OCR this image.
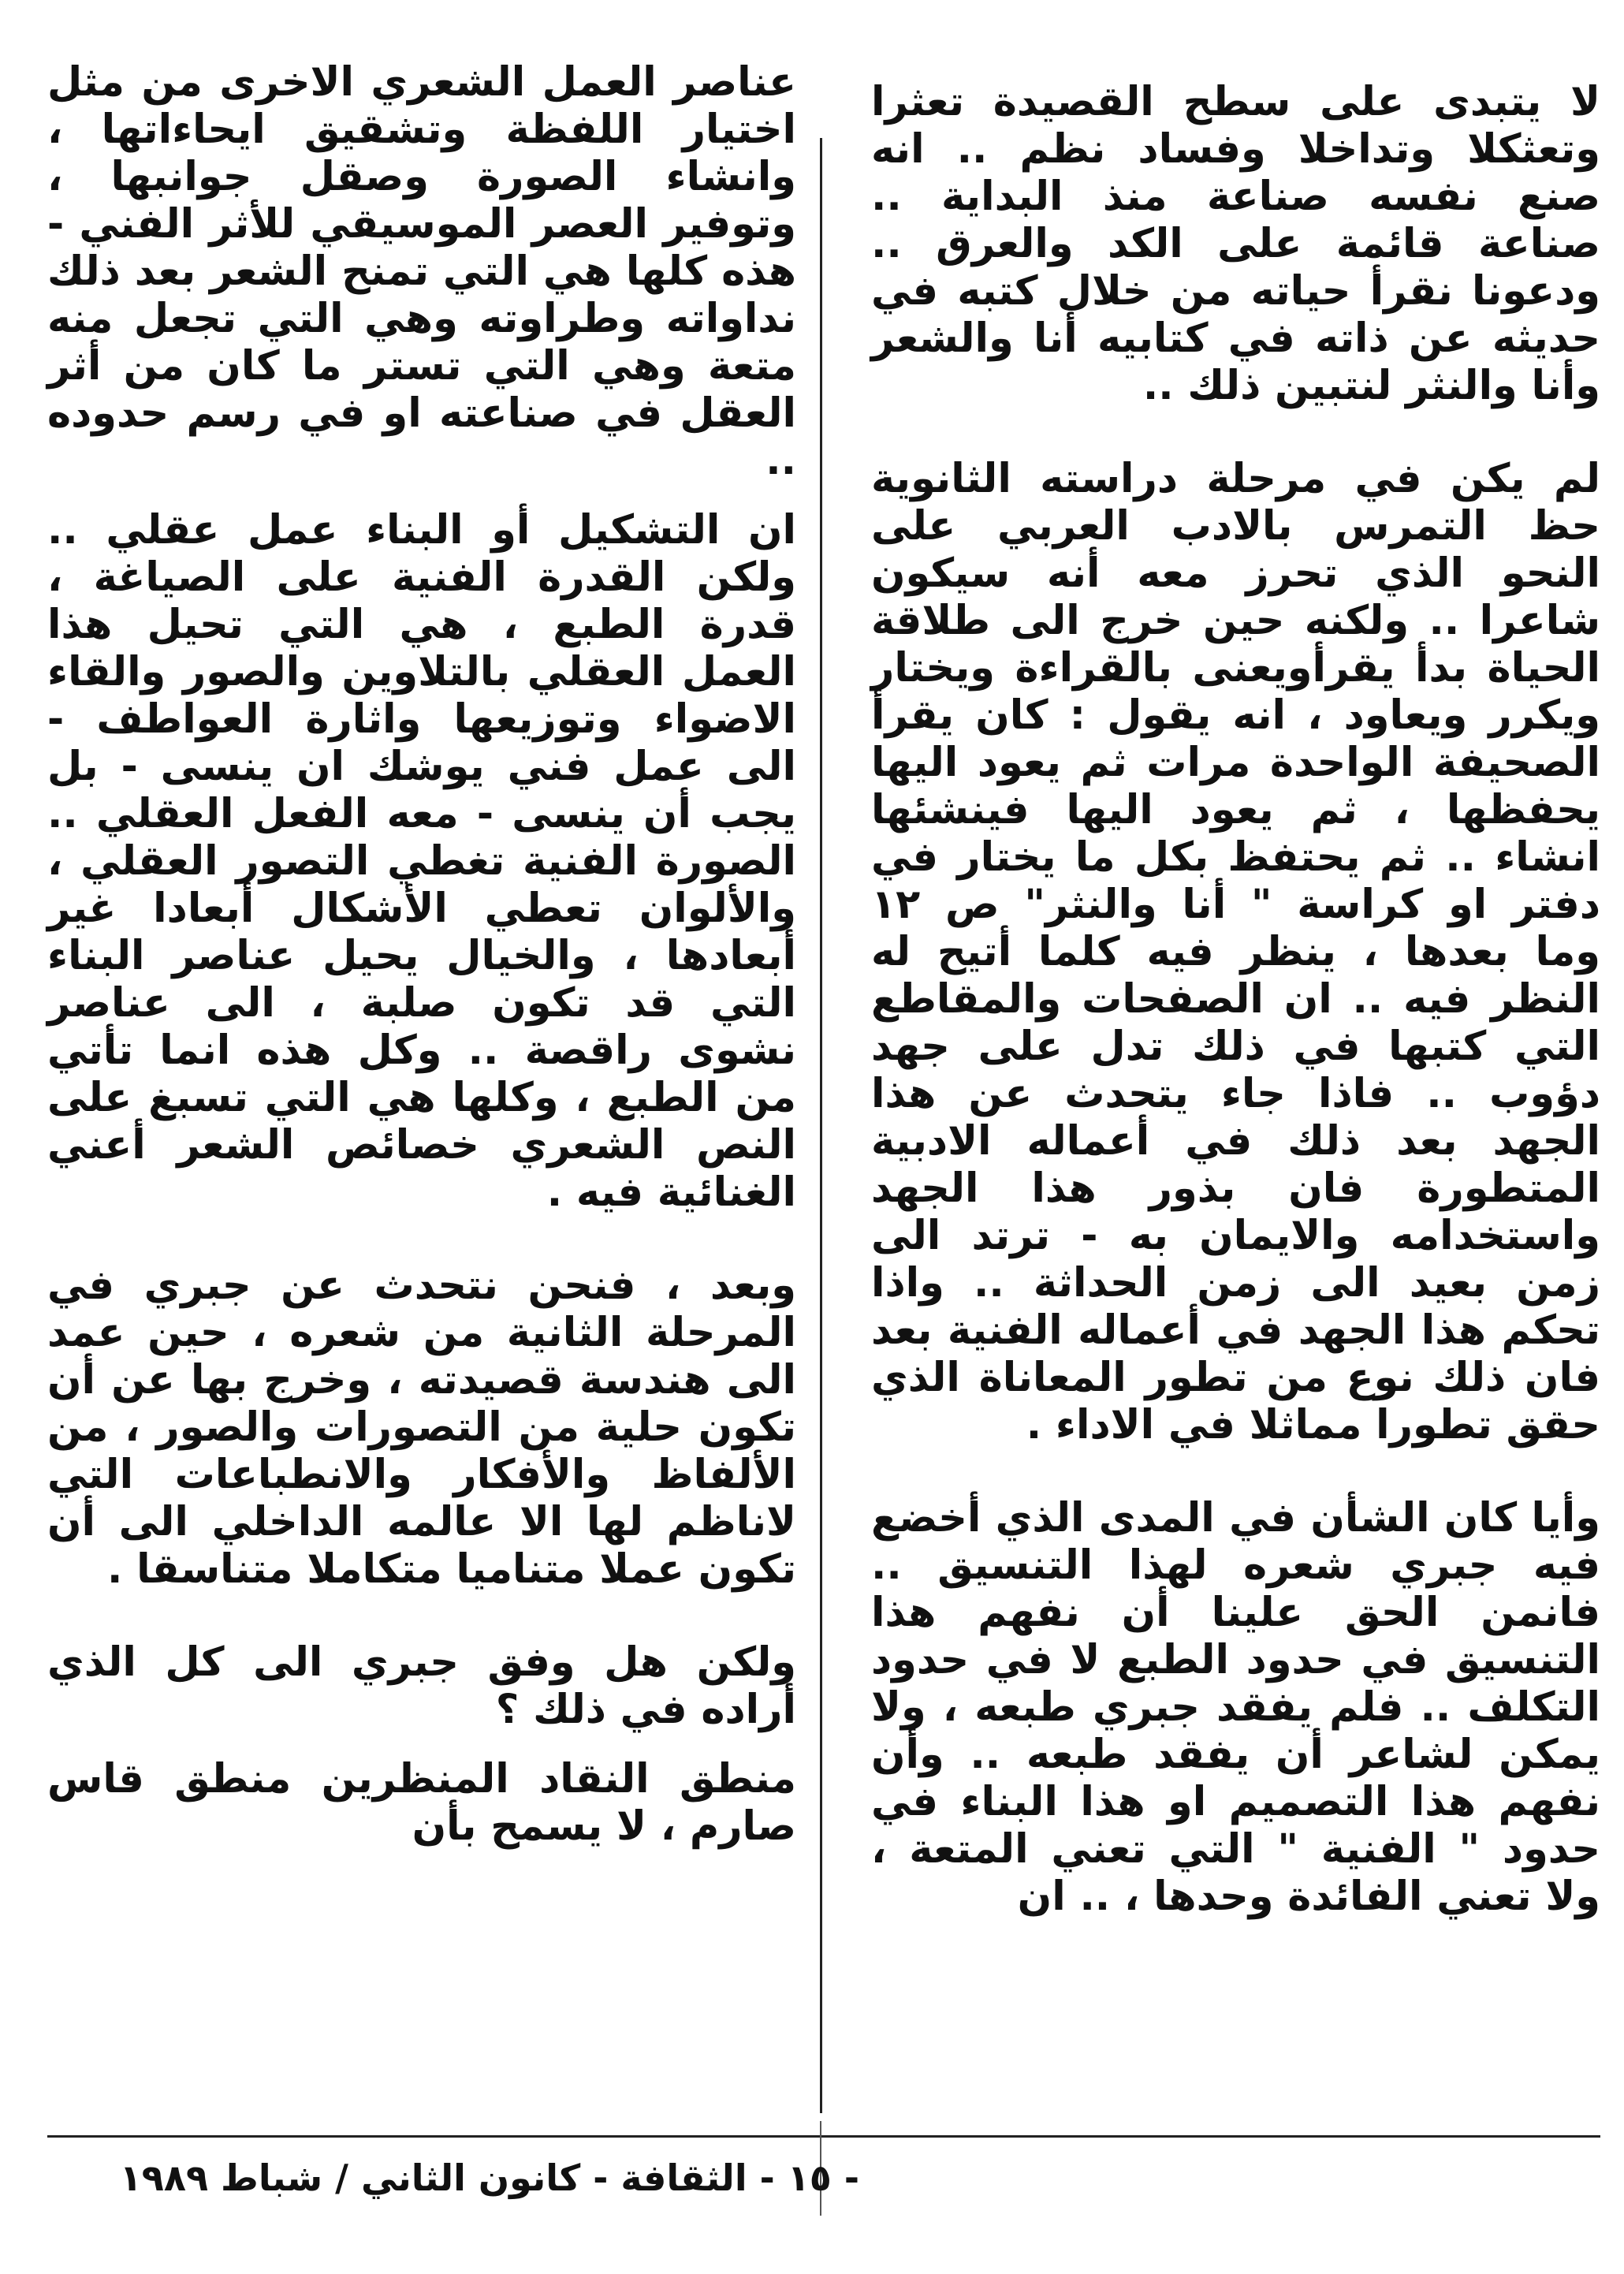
لا يتبدى على سطح القصيدة تعثرا وتعثكلا وتداخلا وفساد نظم .. انه صنع نفسه صناعة منذ البداية .. صناعة قائمة على الكد والعرق .. ودعونا نقرأ حياته من خلال كتبه في حديثه عن ذاته في كتابيه أنا والشعر وأنا والنثر لنتبين ذلك ..

لم يكن في مرحلة دراسته الثانوية حظ التمرس بالادب العربي على النحو الذي تحرز معه أنه سيكون شاعرا .. ولكنه حين خرج الى طلاقة الحياة بدأ يقرأويعنى بالقراءة ويختار ويكرر ويعاود ، انه يقول : كان يقرأ الصحيفة الواحدة مرات ثم يعود اليها يحفظها ، ثم يعود اليها فينشئها انشاء .. ثم يحتفظ بكل ما يختار في دفتر او كراسة " أنا والنثر" ص ١٢ وما بعدها ، ينظر فيه كلما أتيح له النظر فيه .. ان الصفحات والمقاطع التي كتبها في ذلك تدل على جهد دؤوب .. فاذا جاء يتحدث عن هذا الجهد بعد ذلك في أعماله الادبية المتطورة فان بذور هذا الجهد واستخدامه والايمان به - ترتد الى زمن بعيد الى زمن الحداثة .. واذا تحكم هذا الجهد في أعماله الفنية بعد فان ذلك نوع من تطور المعاناة الذي حقق تطورا مماثلا في الاداء .

وأيا كان الشأن في المدى الذي أخضع فيه جبري شعره لهذا التنسيق .. فانمن الحق علينا أن نفهم هذا التنسيق في حدود الطبع لا في حدود التكلف .. فلم يفقد جبري طبعه ، ولا يمكن لشاعر أن يفقد طبعه .. وأن نفهم هذا التصميم او هذا البناء في حدود " الفنية " التي تعني المتعة ، ولا تعني الفائدة وحدها ، .. ان

عناصر العمل الشعري الاخرى من مثل اختيار اللفظة وتشقيق ايحاءاتها ، وانشاء الصورة وصقل جوانبها ، وتوفير العصر الموسيقي للأثر الفني - هذه كلها هي التي تمنح الشعر بعد ذلك نداواته وطراوته وهي التي تجعل منه متعة وهي التي تستر ما كان من أثر العقل في صناعته او في رسم حدوده ..

ان التشكيل أو البناء عمل عقلي .. ولكن القدرة الفنية على الصياغة ، قدرة الطبع ، هي التي تحيل هذا العمل العقلي بالتلاوين والصور والقاء الاضواء وتوزيعها واثارة العواطف - الى عمل فني يوشك ان ينسى - بل يجب أن ينسى - معه الفعل العقلي .. الصورة الفنية تغطي التصور العقلي ، والألوان تعطي الأشكال أبعادا غير أبعادها ، والخيال يحيل عناصر البناء التي قد تكون صلبة ، الى عناصر نشوى راقصة .. وكل هذه انما تأتي من الطبع ، وكلها هي التي تسبغ على النص الشعري خصائص الشعر أعني الغنائية فيه .

وبعد ، فنحن نتحدث عن جبري في المرحلة الثانية من شعره ، حين عمد الى هندسة قصيدته ، وخرج بها عن أن تكون حلية من التصورات والصور ، من الألفاظ والأفكار والانطباعات التي لاناظم لها الا عالمه الداخلي الى أن تكون عملا متناميا متكاملا متناسقا .

ولكن هل وفق جبري الى كل الذي أراده في ذلك ؟

منطق النقاد المنظرين منطق قاس صارم ، لا يسمح بأن

- ١٥ - الثقافة - كانون الثاني / شباط ١٩٨٩
